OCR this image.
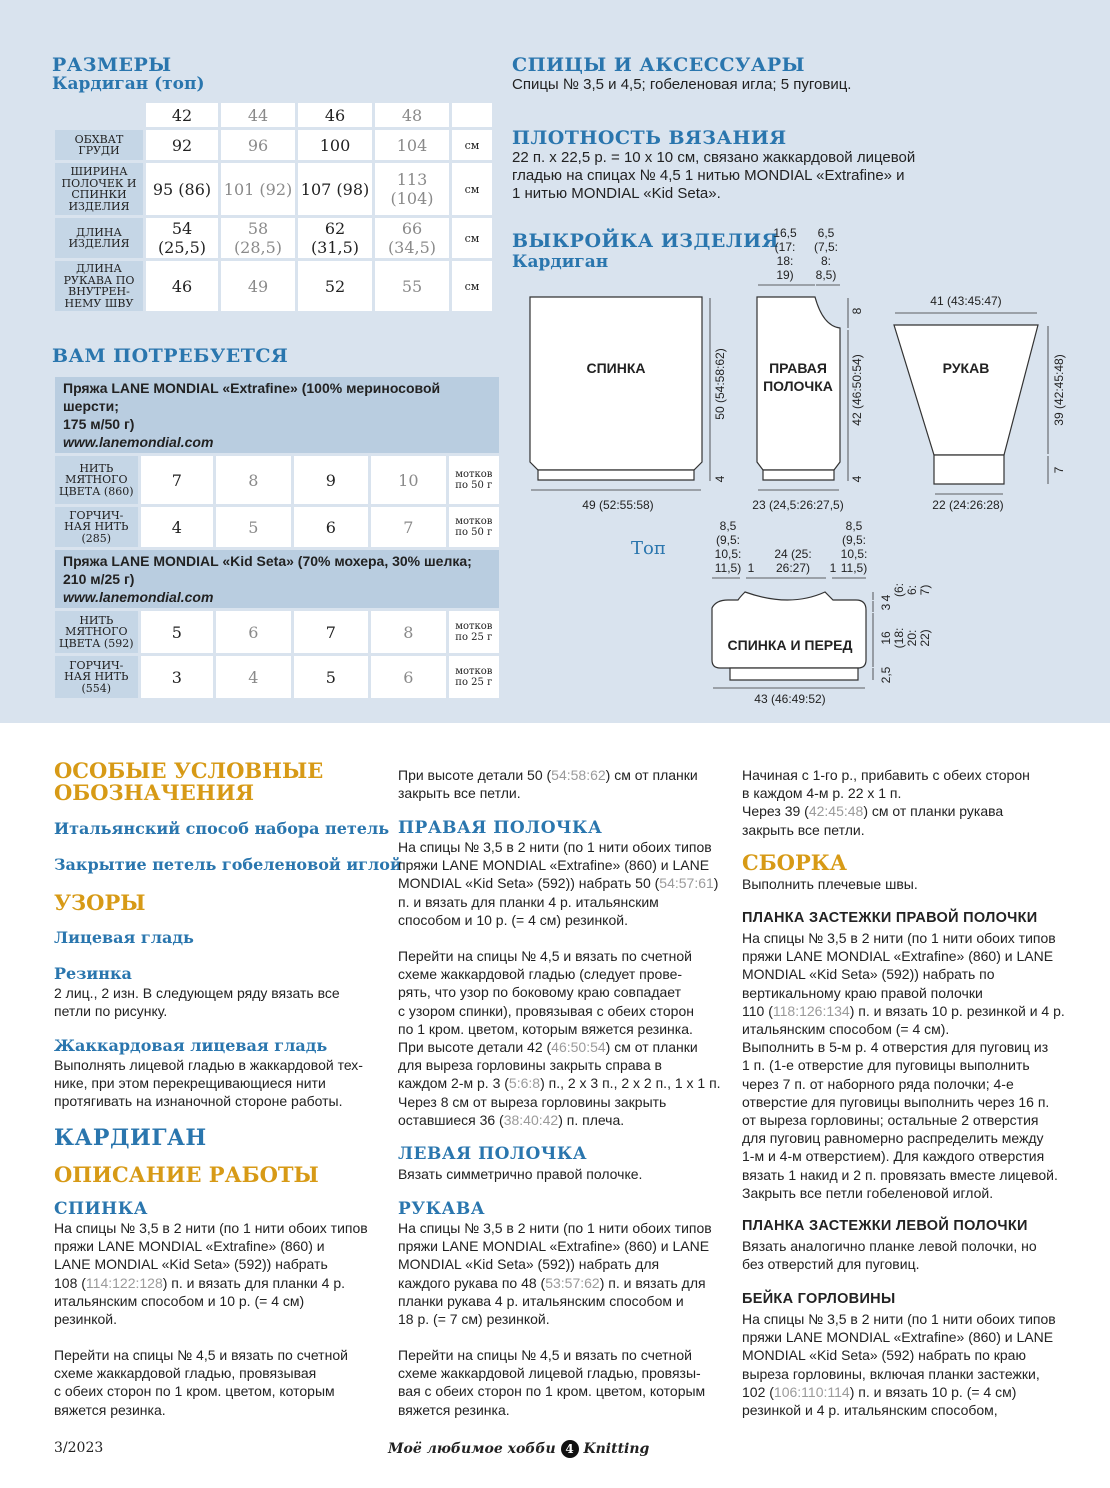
РАЗМЕРЫ
Кардиган (топ)
	42	44	46	48	
ОБХВАТ ГРУДИ	92	96	100	104	см
ШИРИНА ПОЛОЧЕК И СПИНКИ ИЗДЕЛИЯ	95 (86)	101 (92)	107 (98)	113 (104)	см
ДЛИНА ИЗДЕЛИЯ	54 (25,5)	58 (28,5)	62 (31,5)	66 (34,5)	см
ДЛИНА РУКАВА ПО ВНУТРЕН-НЕМУ ШВУ	46	49	52	55	см
ВАМ ПОТРЕБУЕТСЯ
Пряжа LANE MONDIAL «Extrafine» (100% мериносовой шерсти;
175 м/50 г)
www.lanemondial.com					

НИТЬ МЯТНОГО ЦВЕТА (860)	7	8	9	10	мотков по 50 г
ГОРЧИЧ-НАЯ НИТЬ (285)	4	5	6	7	мотков по 50 г

Пряжа LANE MONDIAL «Kid Seta» (70% мохера, 30% шелка;
210 м/25 г)
www.lanemondial.com					

НИТЬ МЯТНОГО ЦВЕТА (592)	5	6	7	8	мотков по 25 г
ГОРЧИЧ-НАЯ НИТЬ (554)	3	4	5	6	мотков по 25 г
СПИЦЫ И АКСЕССУАРЫ
Спицы № 3,5 и 4,5; гобеленовая игла; 5 пуговиц.
ПЛОТНОСТЬ ВЯЗАНИЯ
22 п. x 22,5 р. = 10 x 10 см, связано жаккардовой лицевой
гладью на спицах № 4,5 1 нитью MONDIAL «Extrafine» и
1 нитью MONDIAL «Kid Seta».
ВЫКРОЙКА ИЗДЕЛИЯ
Кардиган
Топ
СПИНКА	ПРАВАЯ
ПОЛОЧКА
РУКАВ
СПИНКА И ПЕРЕД
49 (52:55:58)
50 (54:58:62)
4
23 (24,5:26:27,5)
42 (46:50:54)
8
4
16,5
(17:
18:
19)
6,5
(7,5:
8:
8,5)
41 (43:45:47)
39 (42:45:48)
7
22 (24:26:28)
43 (46:49:52)
8,5
(9,5:
10,5:
11,5) 1
24 (25:
26:27) 1
8,5
(9,5:
10,5:
11,5)
4
3
(6: 6: 7)
16 (18: 20: 22)
2,5
ОСОБЫЕ УСЛОВНЫЕ
ОБОЗНАЧЕНИЯ
Итальянский способ набора петель
Закрытие петель гобеленовой иглой
УЗОРЫ
Лицевая гладь
Резинка
2 лиц., 2 изн. В следующем ряду вязать все
петли по рисунку.
Жаккардовая лицевая гладь
Выполнять лицевой гладью в жаккардовой тех-
нике, при этом перекрещивающиеся нити
протягивать на изнаночной стороне работы.
КАРДИГАН
ОПИСАНИЕ РАБОТЫ
СПИНКА
На спицы № 3,5 в 2 нити (по 1 нити обоих типов
пряжи LANE MONDIAL «Extrafine» (860) и
LANE MONDIAL «Kid Seta» (592)) набрать
108 (114:122:128) п. и вязать для планки 4 р.
итальянским способом и 10 р. (= 4 см)
резинкой.
Перейти на спицы № 4,5 и вязать по счетной
схеме жаккардовой гладью, провязывая
с обеих сторон по 1 кром. цветом, которым
вяжется резинка.
При высоте детали 50 (54:58:62) см от планки
закрыть все петли.
ПРАВАЯ ПОЛОЧКА
На спицы № 3,5 в 2 нити (по 1 нити обоих типов
пряжи LANE MONDIAL «Extrafine» (860) и LANE
MONDIAL «Kid Seta» (592)) набрать 50 (54:57:61)
п. и вязать для планки 4 р. итальянским
способом и 10 р. (= 4 см) резинкой.
Перейти на спицы № 4,5 и вязать по счетной
схеме жаккардовой гладью (следует прове-
рять, что узор по боковому краю совпадает
с узором спинки), провязывая с обеих сторон
по 1 кром. цветом, которым вяжется резинка.
При высоте детали 42 (46:50:54) см от планки
для выреза горловины закрыть справа в
каждом 2-м р. 3 (5:6:8) п., 2 x 3 п., 2 x 2 п., 1 x 1 п.
Через 8 см от выреза горловины закрыть
оставшиеся 36 (38:40:42) п. плеча.
ЛЕВАЯ ПОЛОЧКА
Вязать симметрично правой полочке.
РУКАВА
На спицы № 3,5 в 2 нити (по 1 нити обоих типов
пряжи LANE MONDIAL «Extrafine» (860) и LANE
MONDIAL «Kid Seta» (592)) набрать для
каждого рукава по 48 (53:57:62) п. и вязать для
планки рукава 4 р. итальянским способом и
18 р. (= 7 см) резинкой.
Перейти на спицы № 4,5 и вязать по счетной
схеме жаккардовой лицевой гладью, провязы-
вая с обеих сторон по 1 кром. цветом, которым
вяжется резинка.
Начиная с 1-го р., прибавить с обеих сторон
в каждом 4-м р. 22 x 1 п.
Через 39 (42:45:48) см от планки рукава
закрыть все петли.
СБОРКА
Выполнить плечевые швы.
ПЛАНКА ЗАСТЕЖКИ ПРАВОЙ ПОЛОЧКИ
На спицы № 3,5 в 2 нити (по 1 нити обоих типов
пряжи LANE MONDIAL «Extrafine» (860) и LANE
MONDIAL «Kid Seta» (592)) набрать по
вертикальному краю правой полочки
110 (118:126:134) п. и вязать 10 р. резинкой и 4 р.
итальянским способом (= 4 см).
Выполнить в 5-м р. 4 отверстия для пуговиц из
1 п. (1-е отверстие для пуговицы выполнить
через 7 п. от наборного ряда полочки; 4-е
отверстие для пуговицы выполнить через 16 п.
от выреза горловины; остальные 2 отверстия
для пуговиц равномерно распределить между
1-м и 4-м отверстием). Для каждого отверстия
вязать 1 накид и 2 п. провязать вместе лицевой.
Закрыть все петли гобеленовой иглой.
ПЛАНКА ЗАСТЕЖКИ ЛЕВОЙ ПОЛОЧКИ
Вязать аналогично планке левой полочки, но
без отверстий для пуговиц.
БЕЙКА ГОРЛОВИНЫ
На спицы № 3,5 в 2 нити (по 1 нити обоих типов
пряжи LANE MONDIAL «Extrafine» (860) и LANE
MONDIAL «Kid Seta» (592) набрать по краю
выреза горловины, включая планки застежки,
102 (106:110:114) п. и вязать 10 р. (= 4 см)
резинкой и 4 р. итальянским способом,
3/2023	Моё любимое хобби 4 Knitting
